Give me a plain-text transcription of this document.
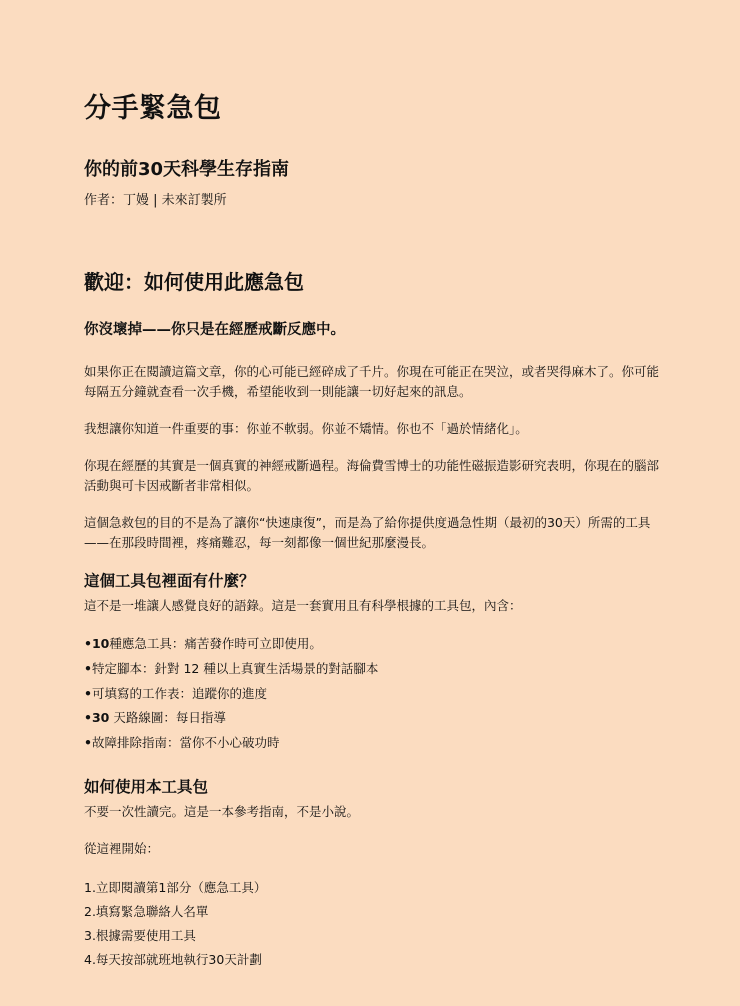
分手緊急包
你的前30天科學生存指南

作者：丁嫚 | 未來訂製所

歡迎：如何使用此應急包

你沒壞掉——你只是在經歷戒斷反應中。

如果你正在閱讀這篇文章，你的心可能已經碎成了千片。你現在可能正在哭泣，或者哭得麻木了。你可能每隔五分鐘就查看一次手機，希望能收到一則能讓一切好起來的訊息。

我想讓你知道一件重要的事：你並不軟弱。你並不矯情。你也不「過於情緒化」。

你現在經歷的其實是一個真實的神經戒斷過程。海倫費雪博士的功能性磁振造影研究表明，你現在的腦部活動與可卡因戒斷者非常相似。

這個急救包的目的不是為了讓你“快速康復”，而是為了給你提供度過急性期（最初的30天）所需的工具——在那段時間裡，疼痛難忍，每一刻都像一個世紀那麼漫長。

這個工具包裡面有什麼？

這不是一堆讓人感覺良好的語錄。這是一套實用且有科學根據的工具包，內含：

•10種應急工具：痛苦發作時可立即使用。
•特定腳本：針對 12 種以上真實生活場景的對話腳本
•可填寫的工作表：追蹤你的進度
•30 天路線圖：每日指導
•故障排除指南：當你不小心破功時
如何使用本工具包

不要一次性讀完。這是一本參考指南，不是小說。

從這裡開始：

1.立即閱讀第1部分（應急工具）
2.填寫緊急聯絡人名單
3.根據需要使用工具
4.每天按部就班地執行30天計劃
